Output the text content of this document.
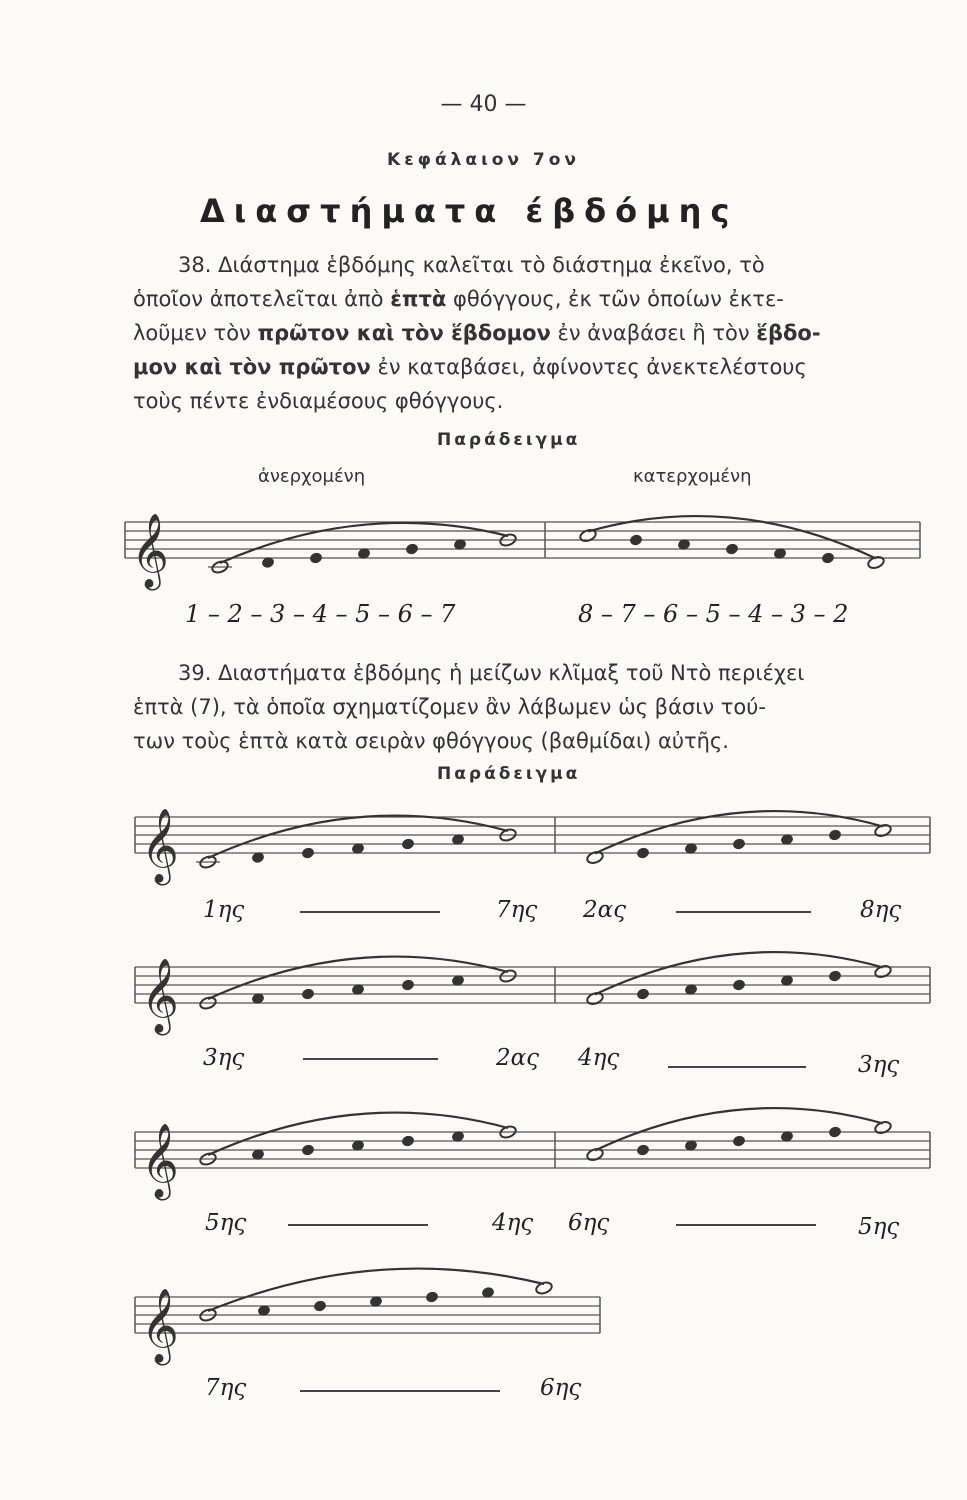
— 40 —
Κεφάλαιον 7ον
Διαστήματα έβδόμης
38. Διάστημα ἑβδόμης καλεῖται τὸ διάστημα ἐκεῖνο, τὸ
ὁποῖον ἀποτελεῖται ἀπὸ ἑπτὰ φθόγγους, ἐκ τῶν ὁποίων ἐκτε-
λοῦμεν τὸν πρῶτον καὶ τὸν ἕβδομον ἐν ἀναβάσει ἢ τὸν ἕβδο-
μον καὶ τὸν πρῶτον ἐν καταβάσει, ἀφίνοντες ἀνεκτελέστους
τοὺς πέντε ἐνδιαμέσους φθόγγους.
Παράδειγμα
ἀνερχομένη	κατερχομένη
𝄞
1 – 2 – 3 – 4 – 5 – 6 – 7	8 – 7 – 6 – 5 – 4 – 3 – 2
39. Διαστήματα ἑβδόμης ἡ μείζων κλῖμαξ τοῦ Ντὸ περιέχει
ἑπτὰ (7), τὰ ὁποῖα σχηματίζομεν ἂν λάβωμεν ὡς βάσιν τού-
των τοὺς ἑπτὰ κατὰ σειρὰν φθόγγους (βαθμίδαι) αὐτῆς.
Παράδειγμα
𝄞
1ης	7ης 2ας	8ης
𝄞
3ης	2ας 4ης	3ης
𝄞
5ης	4ης 6ης	5ης
𝄞
7ης	6ης
